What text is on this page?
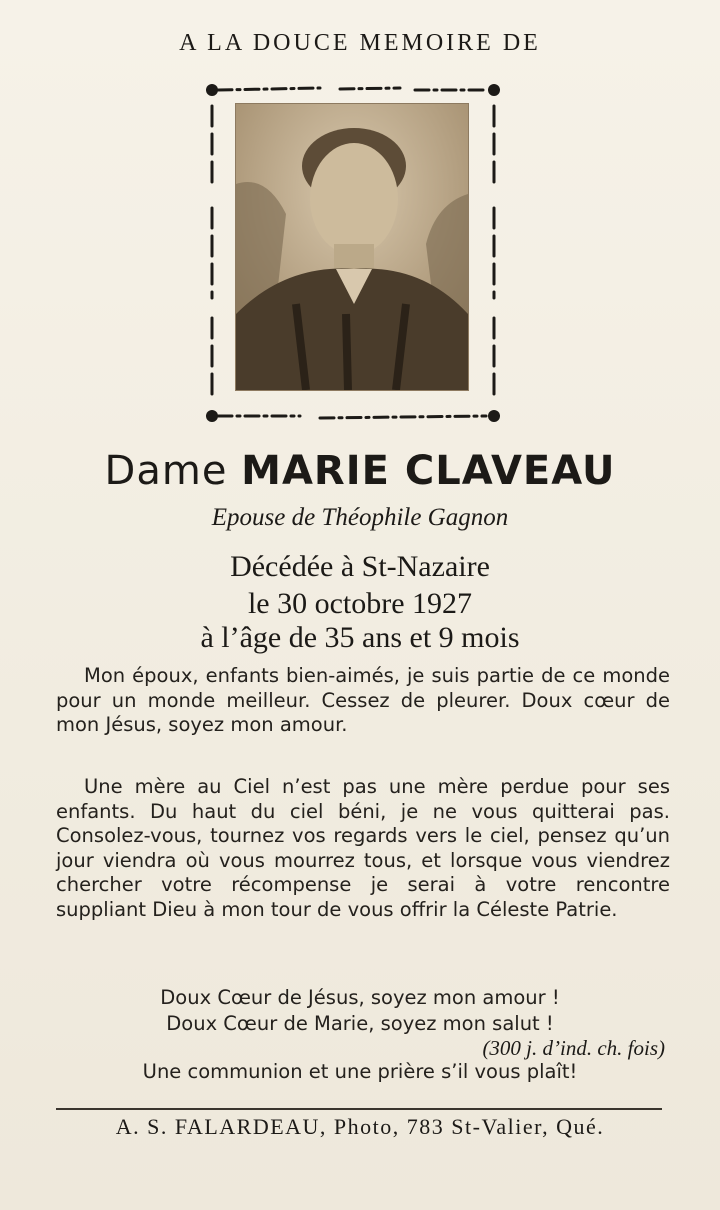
A LA DOUCE MEMOIRE DE
Dame MARIE CLAVEAU
Epouse de Théophile Gagnon
Décédée à St-Nazaire
le 30 octobre 1927
à l’âge de 35 ans et 9 mois
Mon époux, enfants bien-aimés, je suis partie de ce monde pour un monde meilleur. Cessez de pleurer. Doux cœur de mon Jésus, soyez mon amour.
Une mère au Ciel n’est pas une mère perdue pour ses enfants. Du haut du ciel béni, je ne vous quitterai pas. Consolez-vous, tournez vos regards vers le ciel, pensez qu’un jour viendra où vous mourrez tous, et lorsque vous viendrez chercher votre récompense je serai à votre rencontre suppliant Dieu à mon tour de vous offrir la Céleste Patrie.
Doux Cœur de Jésus, soyez mon amour !
Doux Cœur de Marie, soyez mon salut !
(300 j. d’ind. ch. fois)
Une communion et une prière s’il vous plaît!
A. S. FALARDEAU, Photo, 783 St-Valier, Qué.
